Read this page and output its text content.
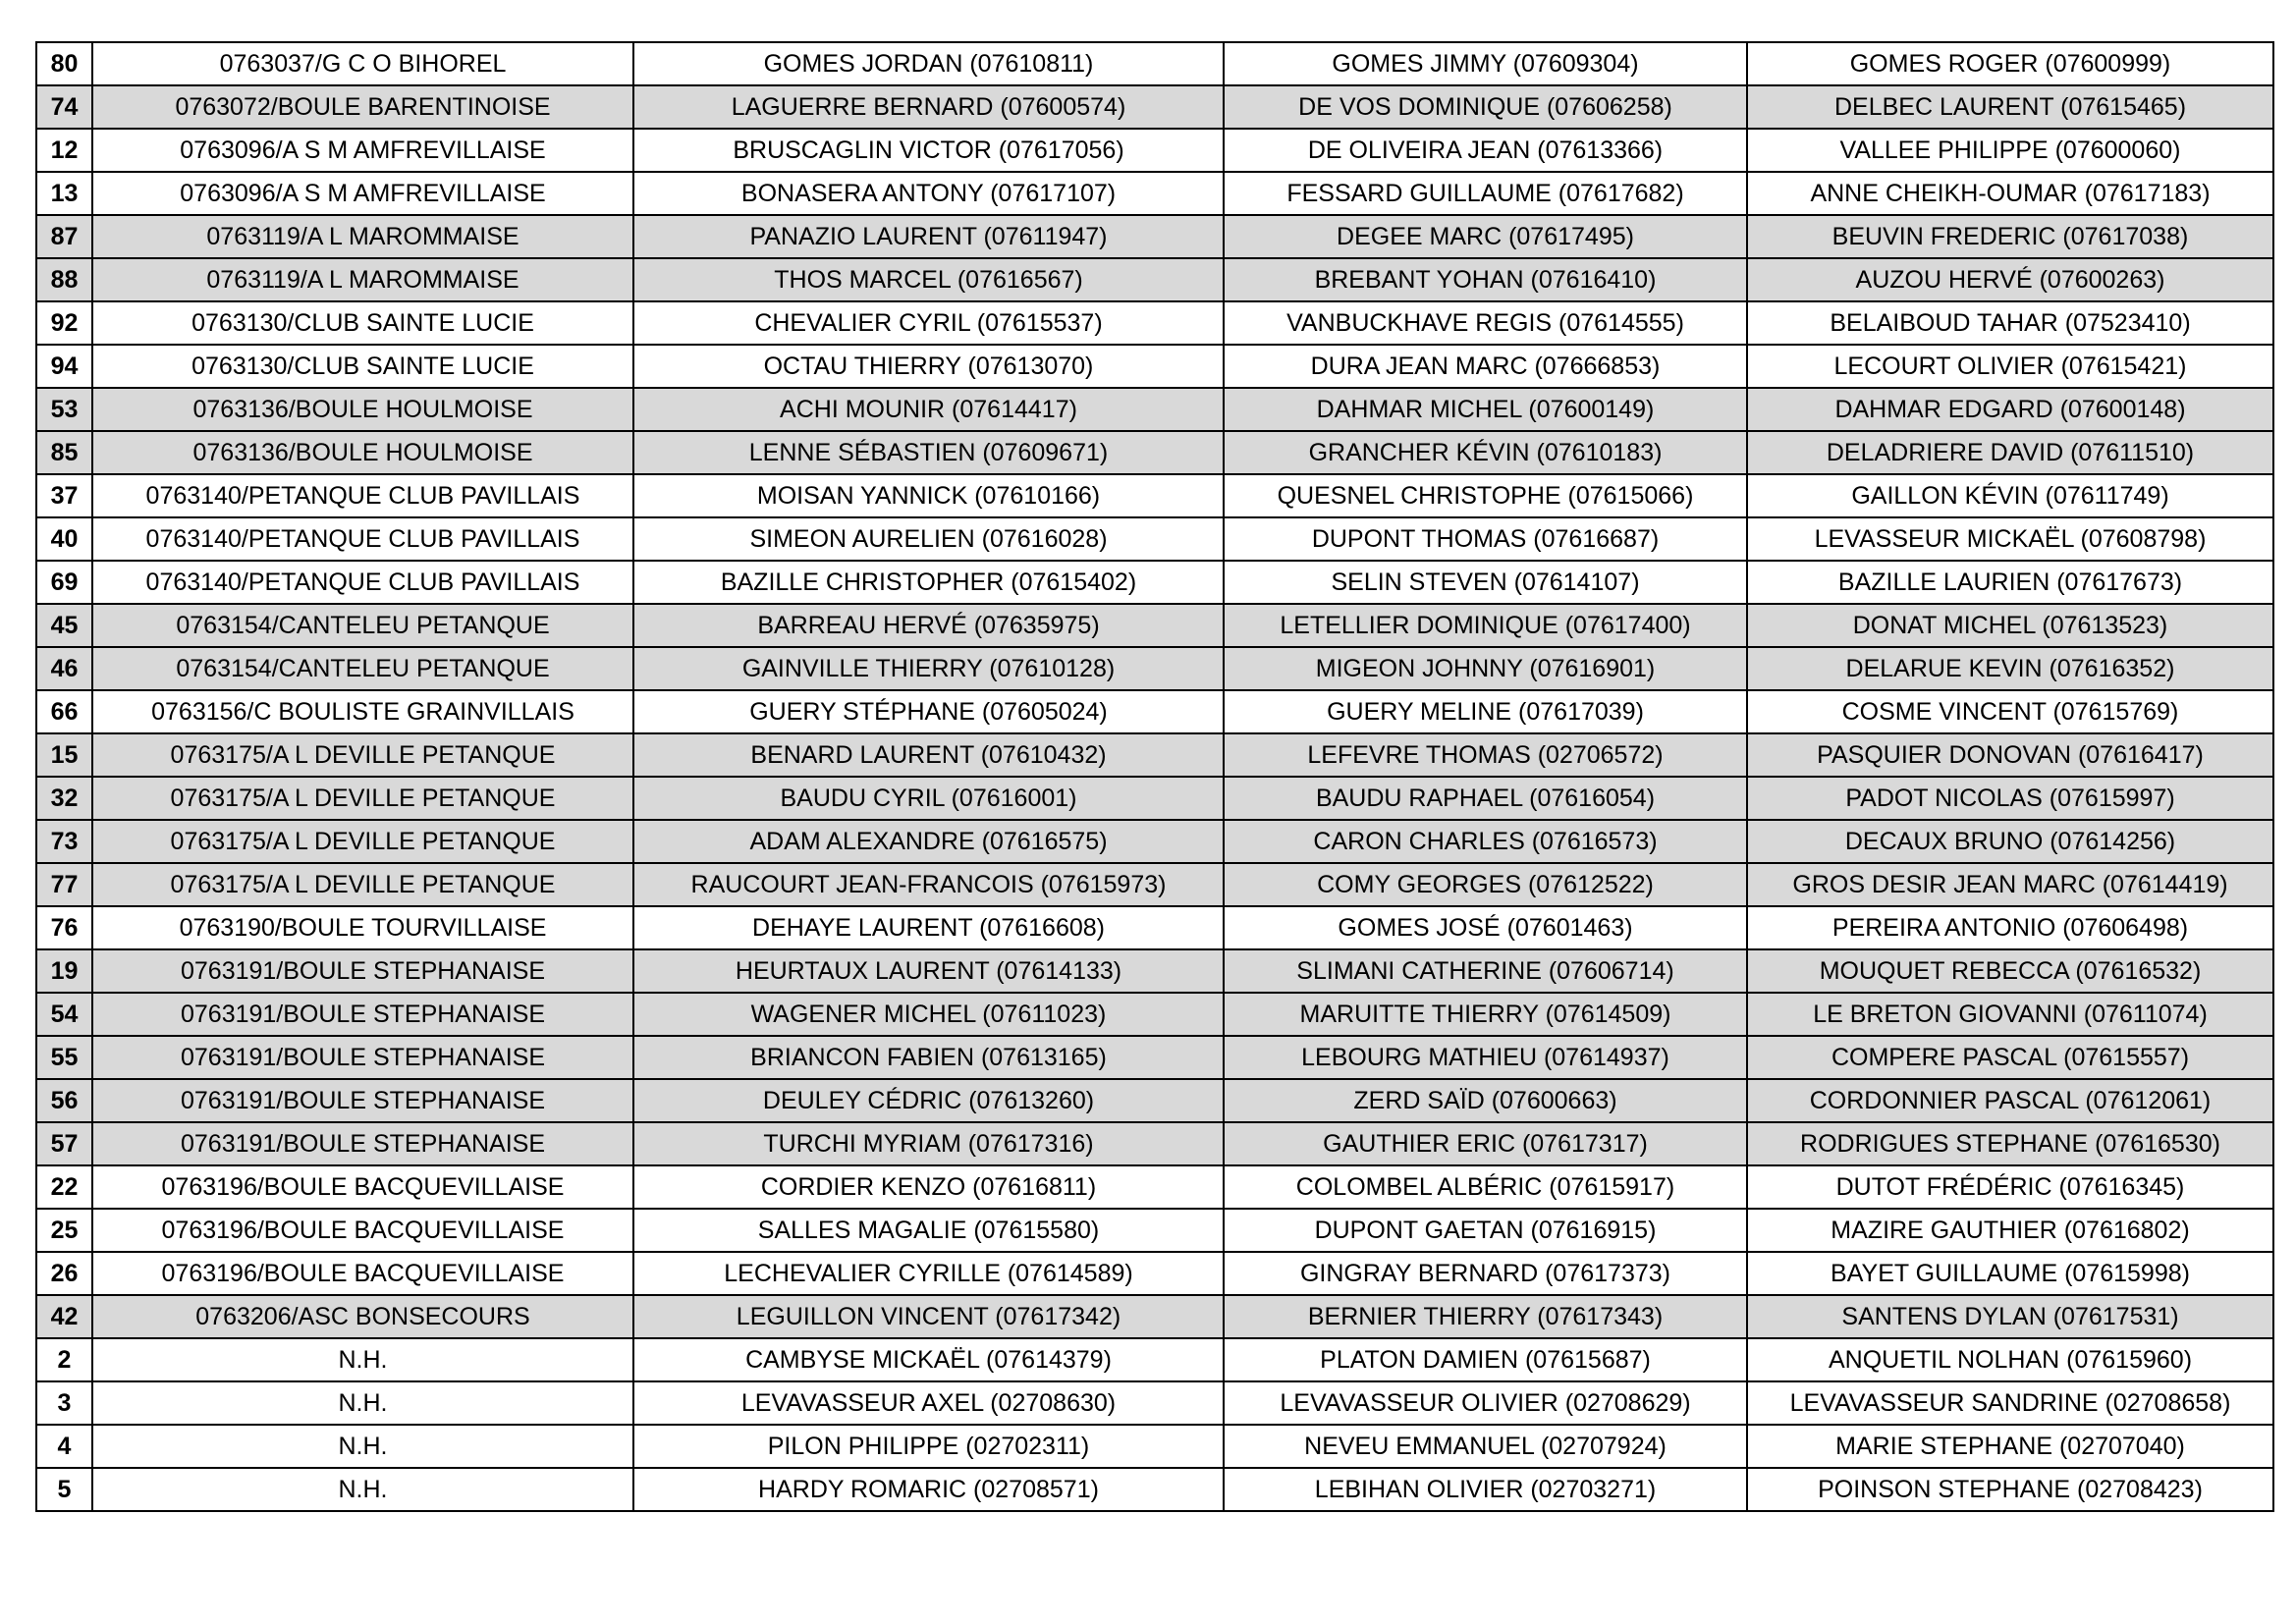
80	0763037/G C O BIHOREL	GOMES JORDAN (07610811)	GOMES JIMMY (07609304)	GOMES ROGER (07600999)
74	0763072/BOULE BARENTINOISE	LAGUERRE BERNARD (07600574)	DE VOS DOMINIQUE (07606258)	DELBEC LAURENT (07615465)
12	0763096/A S M AMFREVILLAISE	BRUSCAGLIN VICTOR (07617056)	DE OLIVEIRA JEAN (07613366)	VALLEE PHILIPPE (07600060)
13	0763096/A S M AMFREVILLAISE	BONASERA ANTONY (07617107)	FESSARD GUILLAUME (07617682)	ANNE CHEIKH-OUMAR (07617183)
87	0763119/A L MAROMMAISE	PANAZIO LAURENT (07611947)	DEGEE MARC (07617495)	BEUVIN FREDERIC (07617038)
88	0763119/A L MAROMMAISE	THOS MARCEL (07616567)	BREBANT YOHAN (07616410)	AUZOU HERVÉ (07600263)
92	0763130/CLUB SAINTE LUCIE	CHEVALIER CYRIL (07615537)	VANBUCKHAVE REGIS (07614555)	BELAIBOUD TAHAR (07523410)
94	0763130/CLUB SAINTE LUCIE	OCTAU THIERRY (07613070)	DURA JEAN MARC (07666853)	LECOURT OLIVIER (07615421)
53	0763136/BOULE HOULMOISE	ACHI MOUNIR (07614417)	DAHMAR MICHEL (07600149)	DAHMAR EDGARD (07600148)
85	0763136/BOULE HOULMOISE	LENNE SÉBASTIEN (07609671)	GRANCHER KÉVIN (07610183)	DELADRIERE DAVID (07611510)
37	0763140/PETANQUE CLUB PAVILLAIS	MOISAN YANNICK (07610166)	QUESNEL CHRISTOPHE (07615066)	GAILLON KÉVIN (07611749)
40	0763140/PETANQUE CLUB PAVILLAIS	SIMEON AURELIEN (07616028)	DUPONT THOMAS (07616687)	LEVASSEUR MICKAËL (07608798)
69	0763140/PETANQUE CLUB PAVILLAIS	BAZILLE CHRISTOPHER (07615402)	SELIN STEVEN (07614107)	BAZILLE LAURIEN (07617673)
45	0763154/CANTELEU PETANQUE	BARREAU HERVÉ (07635975)	LETELLIER DOMINIQUE (07617400)	DONAT MICHEL (07613523)
46	0763154/CANTELEU PETANQUE	GAINVILLE THIERRY (07610128)	MIGEON JOHNNY (07616901)	DELARUE KEVIN (07616352)
66	0763156/C BOULISTE GRAINVILLAIS	GUERY STÉPHANE (07605024)	GUERY MELINE (07617039)	COSME VINCENT (07615769)
15	0763175/A L DEVILLE PETANQUE	BENARD LAURENT (07610432)	LEFEVRE THOMAS (02706572)	PASQUIER DONOVAN (07616417)
32	0763175/A L DEVILLE PETANQUE	BAUDU CYRIL (07616001)	BAUDU RAPHAEL (07616054)	PADOT NICOLAS (07615997)
73	0763175/A L DEVILLE PETANQUE	ADAM ALEXANDRE (07616575)	CARON CHARLES (07616573)	DECAUX BRUNO (07614256)
77	0763175/A L DEVILLE PETANQUE	RAUCOURT JEAN-FRANCOIS (07615973)	COMY GEORGES (07612522)	GROS DESIR JEAN MARC (07614419)
76	0763190/BOULE TOURVILLAISE	DEHAYE LAURENT (07616608)	GOMES JOSÉ (07601463)	PEREIRA ANTONIO (07606498)
19	0763191/BOULE STEPHANAISE	HEURTAUX LAURENT (07614133)	SLIMANI CATHERINE (07606714)	MOUQUET REBECCA (07616532)
54	0763191/BOULE STEPHANAISE	WAGENER MICHEL (07611023)	MARUITTE THIERRY (07614509)	LE BRETON GIOVANNI (07611074)
55	0763191/BOULE STEPHANAISE	BRIANCON FABIEN (07613165)	LEBOURG MATHIEU (07614937)	COMPERE PASCAL (07615557)
56	0763191/BOULE STEPHANAISE	DEULEY CÉDRIC (07613260)	ZERD SAÏD (07600663)	CORDONNIER PASCAL (07612061)
57	0763191/BOULE STEPHANAISE	TURCHI MYRIAM (07617316)	GAUTHIER ERIC (07617317)	RODRIGUES STEPHANE (07616530)
22	0763196/BOULE BACQUEVILLAISE	CORDIER KENZO (07616811)	COLOMBEL ALBÉRIC (07615917)	DUTOT FRÉDÉRIC (07616345)
25	0763196/BOULE BACQUEVILLAISE	SALLES MAGALIE (07615580)	DUPONT GAETAN (07616915)	MAZIRE GAUTHIER (07616802)
26	0763196/BOULE BACQUEVILLAISE	LECHEVALIER CYRILLE (07614589)	GINGRAY BERNARD (07617373)	BAYET GUILLAUME (07615998)
42	0763206/ASC BONSECOURS	LEGUILLON VINCENT (07617342)	BERNIER THIERRY (07617343)	SANTENS DYLAN (07617531)
2	N.H.	CAMBYSE MICKAËL (07614379)	PLATON DAMIEN (07615687)	ANQUETIL NOLHAN (07615960)
3	N.H.	LEVAVASSEUR AXEL (02708630)	LEVAVASSEUR OLIVIER (02708629)	LEVAVASSEUR SANDRINE (02708658)
4	N.H.	PILON PHILIPPE (02702311)	NEVEU EMMANUEL (02707924)	MARIE STEPHANE (02707040)
5	N.H.	HARDY ROMARIC (02708571)	LEBIHAN OLIVIER (02703271)	POINSON STEPHANE (02708423)
